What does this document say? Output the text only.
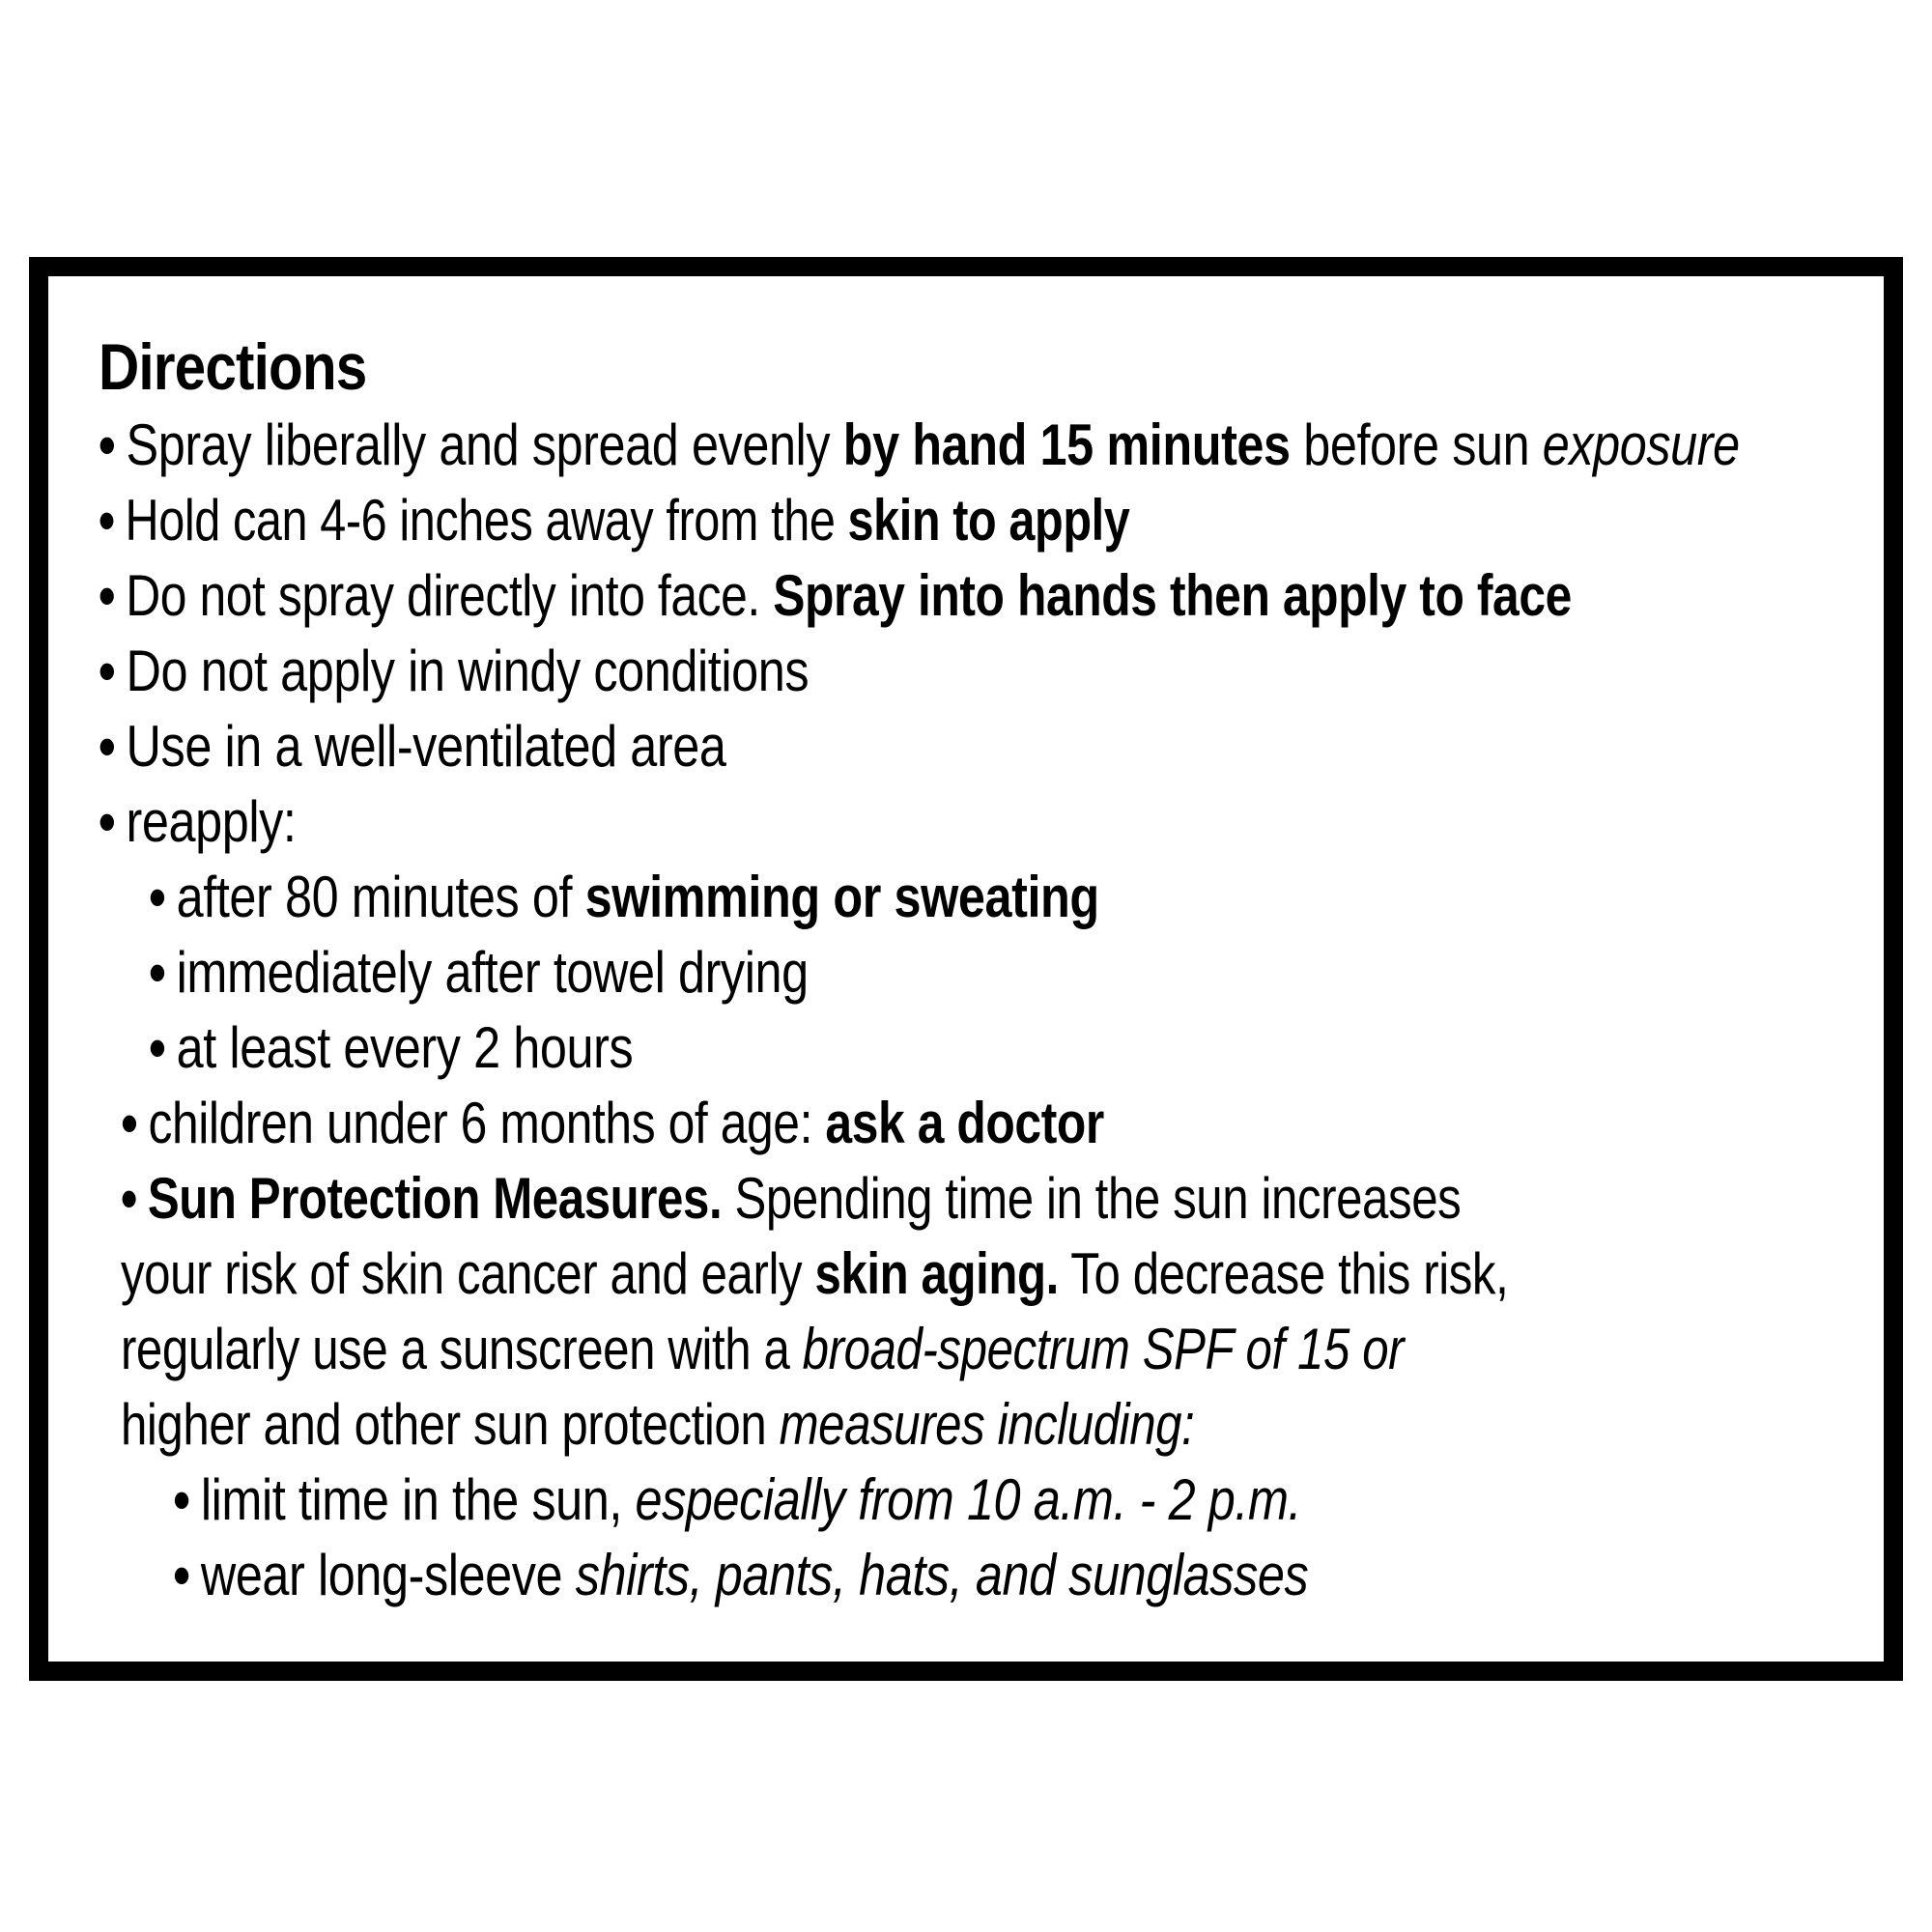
Directions
• Spray liberally and spread evenly by hand 15 minutes before sun exposure
• Hold can 4-6 inches away from the skin to apply
• Do not spray directly into face. Spray into hands then apply to face
• Do not apply in windy conditions
• Use in a well-ventilated area
• reapply:
• after 80 minutes of swimming or sweating
• immediately after towel drying
• at least every 2 hours
• children under 6 months of age: ask a doctor
• Sun Protection Measures. Spending time in the sun increases
your risk of skin cancer and early skin aging. To decrease this risk,
regularly use a sunscreen with a broad-spectrum SPF of 15 or
higher and other sun protection measures including:
• limit time in the sun, especially from 10 a.m. - 2 p.m.
• wear long-sleeve shirts, pants, hats, and sunglasses
